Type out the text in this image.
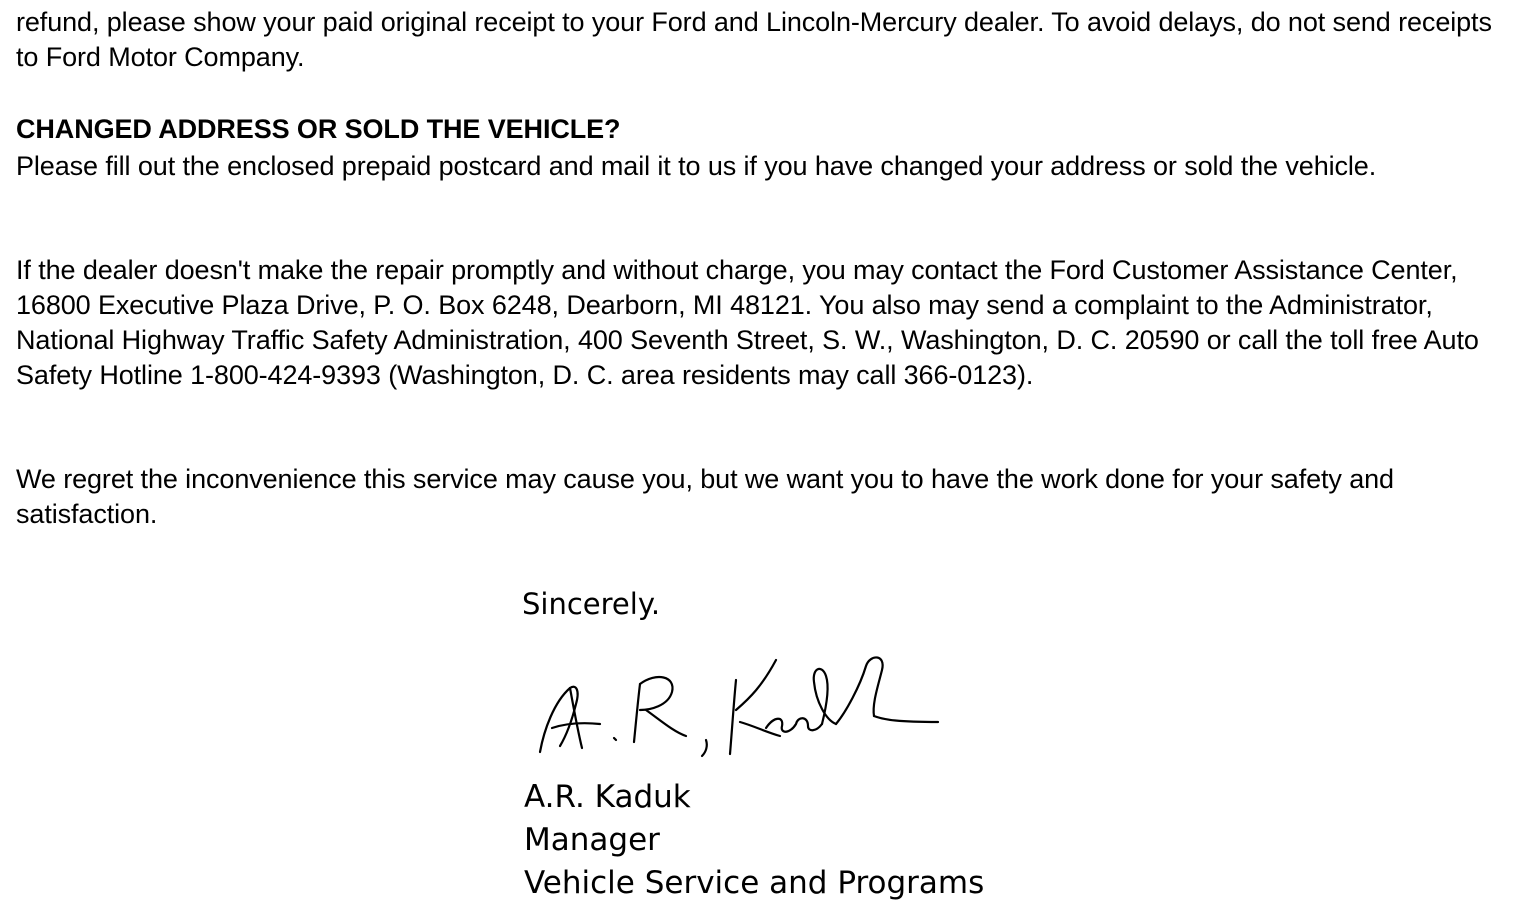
refund, please show your paid original receipt to your Ford and Lincoln-Mercury dealer. To avoid delays, do not send receipts to Ford Motor Company.

CHANGED ADDRESS OR SOLD THE VEHICLE?

Please fill out the enclosed prepaid postcard and mail it to us if you have changed your address or sold the vehicle.

If the dealer doesn't make the repair promptly and without charge, you may contact the Ford Customer Assistance Center, 16800 Executive Plaza Drive, P. O. Box 6248, Dearborn, MI 48121. You also may send a complaint to the Administrator, National Highway Traffic Safety Administration, 400 Seventh Street, S. W., Washington, D. C. 20590 or call the toll free Auto Safety Hotline 1-800-424-9393 (Washington, D. C. area residents may call 366-0123).

We regret the inconvenience this service may cause you, but we want you to have the work done for your safety and satisfaction.

Sincerely.

A.R. Kaduk
Manager
Vehicle Service and Programs
